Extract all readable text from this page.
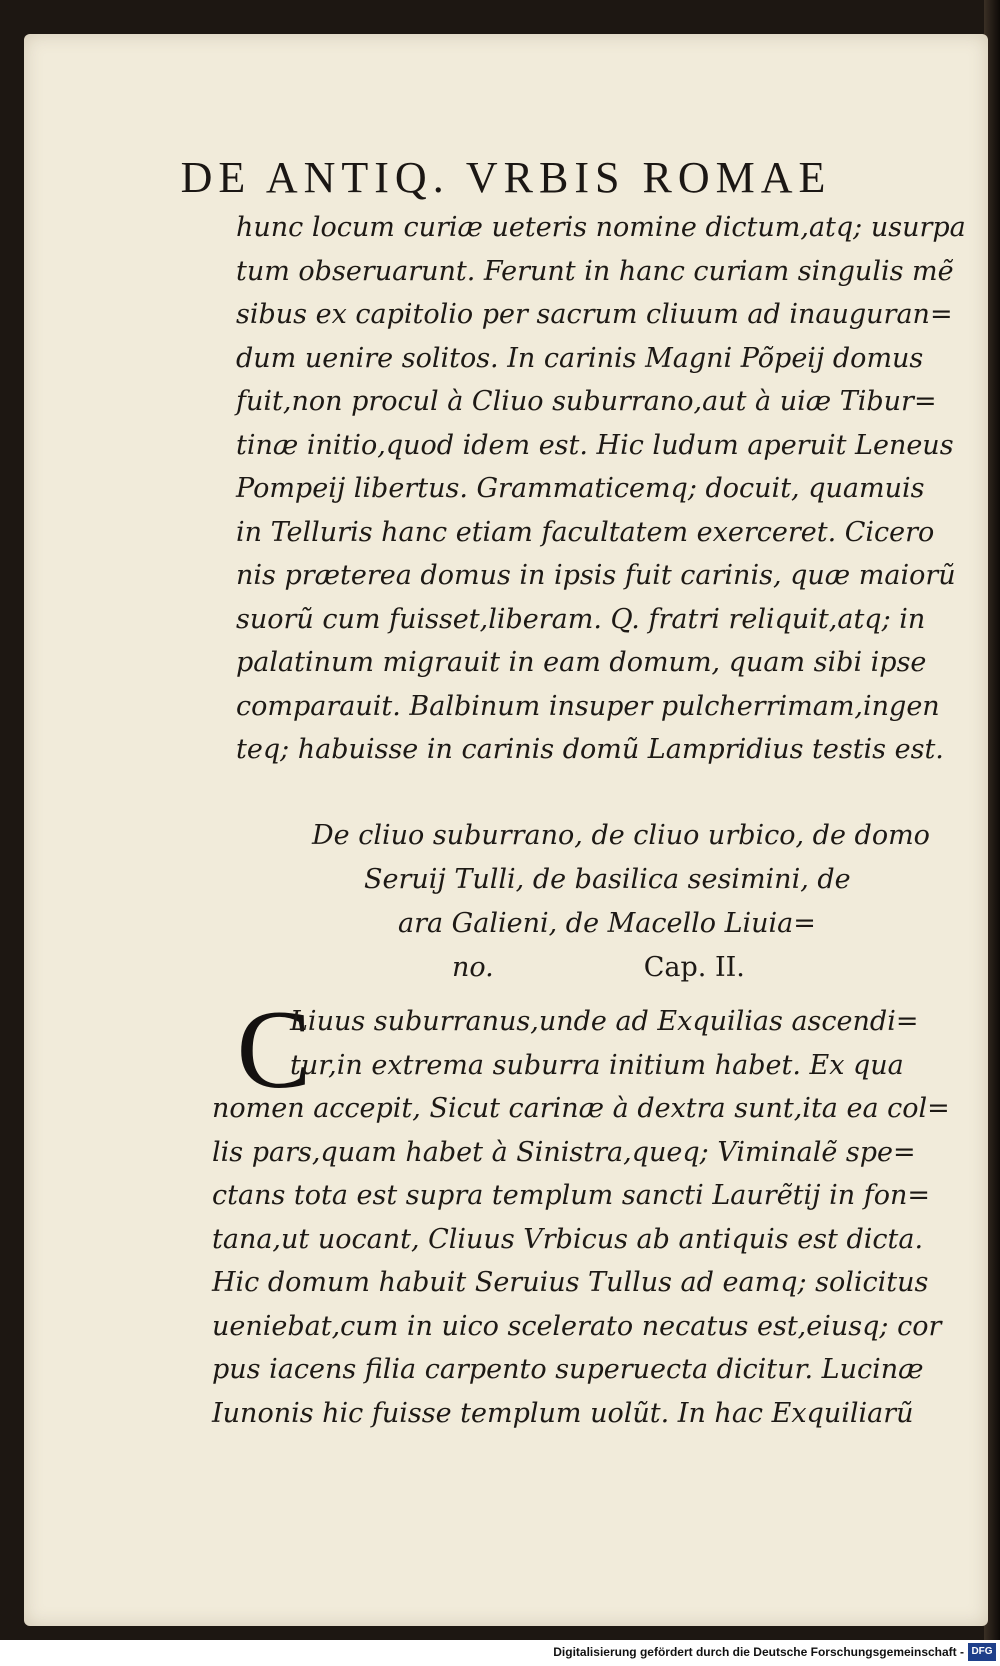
DE ANTIQ. VRBIS ROMAE
hunc locum curiæ ueteris nomine dictum,atq; usurpa
tum obseruarunt. Ferunt in hanc curiam singulis mẽ
sibus ex capitolio per sacrum cliuum ad inauguran=
dum uenire solitos. In carinis Magni Põpeij domus
fuit,non procul à Cliuo suburrano,aut à uiæ Tibur=
tinæ initio,quod idem est. Hic ludum aperuit Leneus
Pompeij libertus. Grammaticemq; docuit, quamuis
in Telluris hanc etiam facultatem exerceret. Cicero
nis præterea domus in ipsis fuit carinis, quæ maiorũ
suorũ cum fuisset,liberam. Q. fratri reliquit,atq; in
palatinum migrauit in eam domum, quam sibi ipse
comparauit. Balbinum insuper pulcherrimam,ingen
teq; habuisse in carinis domũ Lampridius testis est.
De cliuo suburrano, de cliuo urbico, de domo
Seruij Tulli, de basilica sesimini, de
ara Galieni, de Macello Liuia=
no.	Cap. II.
C
Liuus suburranus,unde ad Exquilias ascendi=
tur,in extrema suburra initium habet. Ex qua
nomen accepit, Sicut carinæ à dextra sunt,ita ea col=
lis pars,quam habet à Sinistra,queq; Viminalẽ spe=
ctans tota est supra templum sancti Laurẽtij in fon=
tana,ut uocant, Cliuus Vrbicus ab antiquis est dicta.
Hic domum habuit Seruius Tullus ad eamq; solicitus
ueniebat,cum in uico scelerato necatus est,eiusq; cor
pus iacens filia carpento superuecta dicitur. Lucinæ
Iunonis hic fuisse templum uolũt. In hac Exquiliarũ
Digitalisierung gefördert durch die Deutsche Forschungsgemeinschaft - DFG
